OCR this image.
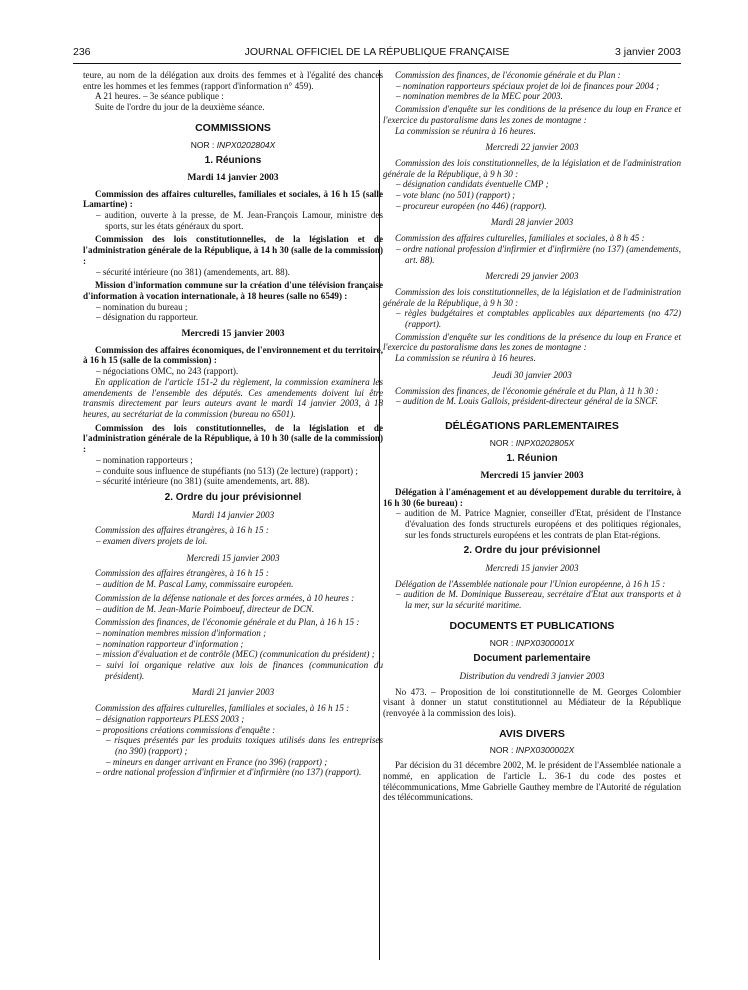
236	JOURNAL OFFICIEL DE LA RÉPUBLIQUE FRANÇAISE	3 janvier 2003

teure, au nom de la délégation aux droits des femmes et à l'égalité des chances entre les hommes et les femmes (rapport d'information n° 459).

A 21 heures. – 3e séance publique :

Suite de l'ordre du jour de la deuxième séance.

COMMISSIONS
NOR : INPX0202804X
1. Réunions
Mardi 14 janvier 2003

Commission des affaires culturelles, familiales et sociales, à 16 h 15 (salle Lamartine) :

– audition, ouverte à la presse, de M. Jean-François Lamour, ministre des sports, sur les états généraux du sport.

Commission des lois constitutionnelles, de la législation et de l'administration générale de la République, à 14 h 30 (salle de la commission) :

– sécurité intérieure (no 381) (amendements, art. 88).

Mission d'information commune sur la création d'une télévision française d'information à vocation internationale, à 18 heures (salle no 6549) :

– nomination du bureau ;

– désignation du rapporteur.

Mercredi 15 janvier 2003

Commission des affaires économiques, de l'environnement et du territoire, à 16 h 15 (salle de la commission) :

– négociations OMC, no 243 (rapport).

En application de l'article 151-2 du règlement, la commission examinera les amendements de l'ensemble des députés. Ces amendements doivent lui être transmis directement par leurs auteurs avant le mardi 14 janvier 2003, à 18 heures, au secrétariat de la commission (bureau no 6501).

Commission des lois constitutionnelles, de la législation et de l'administration générale de la République, à 10 h 30 (salle de la commission) :

– nomination rapporteurs ;

– conduite sous influence de stupéfiants (no 513) (2e lecture) (rapport) ;

– sécurité intérieure (no 381) (suite amendements, art. 88).

2. Ordre du jour prévisionnel
Mardi 14 janvier 2003

Commission des affaires étrangères, à 16 h 15 :

– examen divers projets de loi.

Mercredi 15 janvier 2003

Commission des affaires étrangères, à 16 h 15 :

– audition de M. Pascal Lamy, commissaire européen.

Commission de la défense nationale et des forces armées, à 10 heures :

– audition de M. Jean-Marie Poimboeuf, directeur de DCN.

Commission des finances, de l'économie générale et du Plan, à 16 h 15 :

– nomination membres mission d'information ;

– nomination rapporteur d'information ;

– mission d'évaluation et de contrôle (MEC) (communication du président) ;

– suivi loi organique relative aux lois de finances (communication du président).

Mardi 21 janvier 2003

Commission des affaires culturelles, familiales et sociales, à 16 h 15 :

– désignation rapporteurs PLESS 2003 ;

– propositions créations commissions d'enquête :

– risques présentés par les produits toxiques utilisés dans les entreprises (no 390) (rapport) ;

– mineurs en danger arrivant en France (no 396) (rapport) ;

– ordre national profession d'infirmier et d'infirmière (no 137) (rapport).

Commission des finances, de l'économie générale et du Plan :

– nomination rapporteurs spéciaux projet de loi de finances pour 2004 ;

– nomination membres de la MEC pour 2003.

Commission d'enquête sur les conditions de la présence du loup en France et l'exercice du pastoralisme dans les zones de montagne :

La commission se réunira à 16 heures.

Mercredi 22 janvier 2003

Commission des lois constitutionnelles, de la législation et de l'administration générale de la République, à 9 h 30 :

– désignation candidats éventuelle CMP ;

– vote blanc (no 501) (rapport) ;

– procureur européen (no 446) (rapport).

Mardi 28 janvier 2003

Commission des affaires culturelles, familiales et sociales, à 8 h 45 :

– ordre national profession d'infirmier et d'infirmière (no 137) (amendements, art. 88).

Mercredi 29 janvier 2003

Commission des lois constitutionnelles, de la législation et de l'administration générale de la République, à 9 h 30 :

– règles budgétaires et comptables applicables aux départements (no 472) (rapport).

Commission d'enquête sur les conditions de la présence du loup en France et l'exercice du pastoralisme dans les zones de montagne :

La commission se réunira à 16 heures.

Jeudi 30 janvier 2003

Commission des finances, de l'économie générale et du Plan, à 11 h 30 :

– audition de M. Louis Gallois, président-directeur général de la SNCF.

DÉLÉGATIONS PARLEMENTAIRES
NOR : INPX0202805X
1. Réunion
Mercredi 15 janvier 2003

Délégation à l'aménagement et au développement durable du territoire, à 16 h 30 (6e bureau) :

– audition de M. Patrice Magnier, conseiller d'Etat, président de l'Instance d'évaluation des fonds structurels européens et des politiques régionales, sur les fonds structurels européens et les contrats de plan Etat-régions.

2. Ordre du jour prévisionnel
Mercredi 15 janvier 2003

Délégation de l'Assemblée nationale pour l'Union européenne, à 16 h 15 :

– audition de M. Dominique Bussereau, secrétaire d'Etat aux transports et à la mer, sur la sécurité maritime.

DOCUMENTS ET PUBLICATIONS
NOR : INPX0300001X
Document parlementaire
Distribution du vendredi 3 janvier 2003

No 473. – Proposition de loi constitutionnelle de M. Georges Colombier visant à donner un statut constitutionnel au Médiateur de la République (renvoyée à la commission des lois).

AVIS DIVERS
NOR : INPX0300002X

Par décision du 31 décembre 2002, M. le président de l'Assemblée nationale a nommé, en application de l'article L. 36-1 du code des postes et télécommunications, Mme Gabrielle Gauthey membre de l'Autorité de régulation des télécommunications.
